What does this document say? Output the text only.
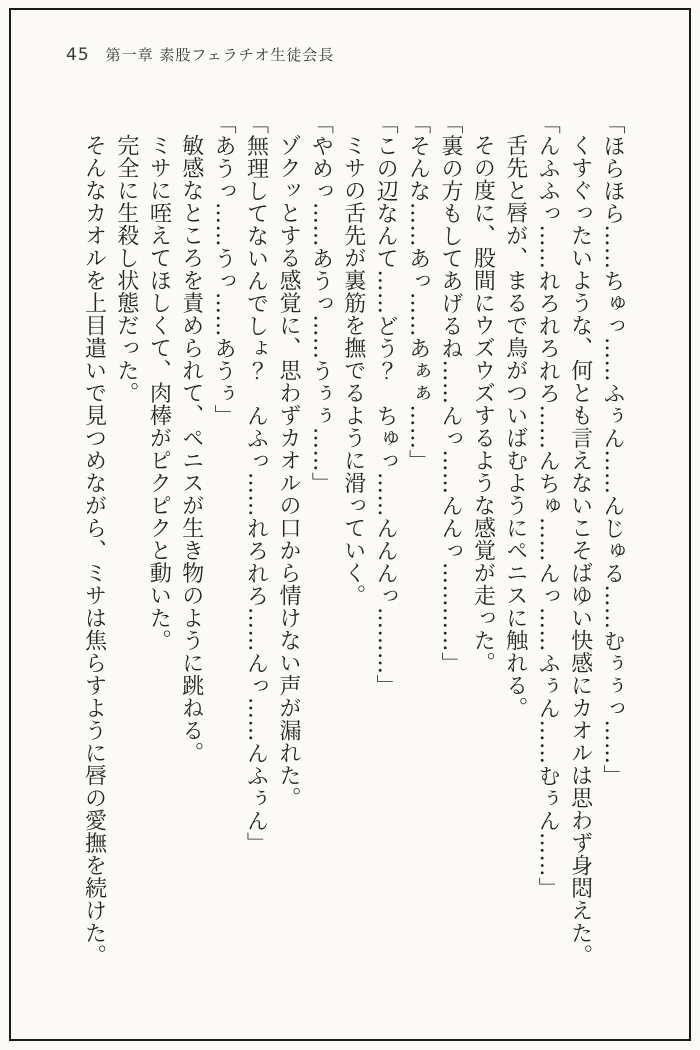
45 第一章 素股フェラチオ生徒会長

「ほらほら……ちゅっ……ふぅん……んじゅる……むぅぅっ……」

くすぐったいような、何とも言えないこそばゆい快感にカオルは思わず身悶えた。

「んふふっ……れろれろれろ……んちゅ……んっ……ふぅん……むぅん……」

舌先と唇が、まるで鳥がついばむようにペニスに触れる。

その度に、股間にウズウズするような感覚が走った。

「裏の方もしてあげるね……んっ……んんっ…………」

「そんな……あっ……あぁぁ……」

「この辺なんて……どう？　ちゅっ……んんんっ………」

ミサの舌先が裏筋を撫でるように滑っていく。

「やめっ……あうっ……うぅぅ……」

ゾクッとする感覚に、思わずカオルの口から情けない声が漏れた。

「無理してないんでしょ？　んふっ……れろれろ……んっ……んふぅん」

「あうっ……うっ……あうぅ」

敏感なところを責められて、ペニスが生き物のように跳ねる。

ミサに咥えてほしくて、肉棒がピクピクと動いた。

完全に生殺し状態だった。

そんなカオルを上目遣いで見つめながら、ミサは焦らすように唇の愛撫を続けた。
